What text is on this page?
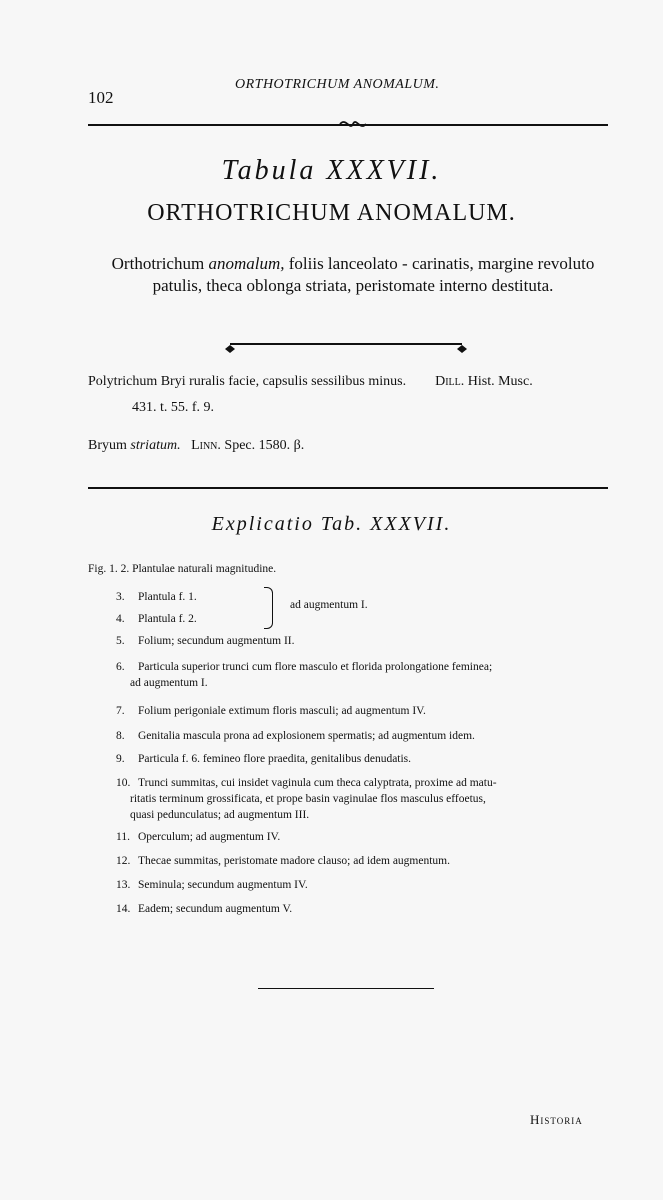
102
ORTHOTRICHUM ANOMALUM.
Tabula XXXVII.
ORTHOTRICHUM ANOMALUM.
Orthotrichum anomalum, foliis lanceolato - carinatis, margine revoluto patulis, theca oblonga striata, peristomate interno destituta.
Polytrichum Bryi ruralis facie, capsulis sessilibus minus. Dill. Hist. Musc.
431. t. 55. f. 9.
Bryum striatum. Linn. Spec. 1580. β.
Explicatio Tab. XXXVII.
Fig. 1. 2. Plantulae naturali magnitudine.
3. Plantula f. 1.
4. Plantula f. 2.
ad augmentum I.
5. Folium; secundum augmentum II.
6. Particula superior trunci cum flore masculo et florida prolongatione feminea;
ad augmentum I.
7. Folium perigoniale extimum floris masculi; ad augmentum IV.
8. Genitalia mascula prona ad explosionem spermatis; ad augmentum idem.
9. Particula f. 6. femineo flore praedita, genitalibus denudatis.
10. Trunci summitas, cui insidet vaginula cum theca calyptrata, proxime ad matu-
ritatis terminum grossificata, et prope basin vaginulae flos masculus effoetus,
quasi pedunculatus; ad augmentum III.
11. Operculum; ad augmentum IV.
12. Thecae summitas, peristomate madore clauso; ad idem augmentum.
13. Seminula; secundum augmentum IV.
14. Eadem; secundum augmentum V.
Historia
